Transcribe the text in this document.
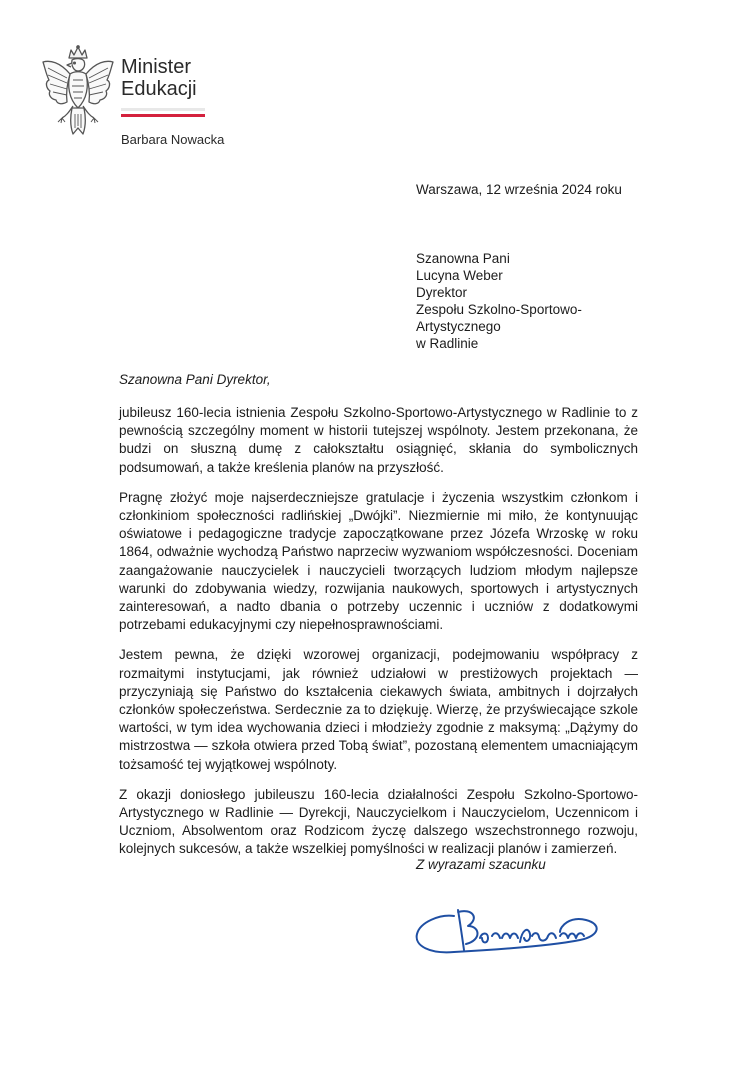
Minister
Edukacji
Barbara Nowacka
Warszawa, 12 września 2024 roku
Szanowna Pani
Lucyna Weber
Dyrektor
Zespołu Szkolno-Sportowo-
Artystycznego
w Radlinie
Szanowna Pani Dyrektor,

jubileusz 160-lecia istnienia Zespołu Szkolno-Sportowo-Artystycznego w Radlinie to z pewnością szczególny moment w historii tutejszej wspólnoty. Jestem przekonana, że budzi on słuszną dumę z całokształtu osiągnięć, skłania do symbolicznych podsumowań, a także kreślenia planów na przyszłość.

Pragnę złożyć moje najserdeczniejsze gratulacje i życzenia wszystkim członkom i członkiniom społeczności radlińskiej „Dwójki”. Niezmiernie mi miło, że kontynuując oświatowe i pedagogiczne tradycje zapoczątkowane przez Józefa Wrzoskę w roku 1864, odważnie wychodzą Państwo naprzeciw wyzwaniom współczesności. Doceniam zaangażowanie nauczycielek i nauczycieli tworzących ludziom młodym najlepsze warunki do zdobywania wiedzy, rozwijania naukowych, sportowych i artystycznych zainteresowań, a nadto dbania o potrzeby uczennic i uczniów z dodatkowymi potrzebami edukacyjnymi czy niepełnosprawnościami.

Jestem pewna, że dzięki wzorowej organizacji, podejmowaniu współpracy z rozmaitymi instytucjami, jak również udziałowi w prestiżowych projektach — przyczyniają się Państwo do kształcenia ciekawych świata, ambitnych i dojrzałych członków społeczeństwa. Serdecznie za to dziękuję. Wierzę, że przyświecające szkole wartości, w tym idea wychowania dzieci i młodzieży zgodnie z maksymą: „Dążymy do mistrzostwa — szkoła otwiera przed Tobą świat”, pozostaną elementem umacniającym tożsamość tej wyjątkowej wspólnoty.

Z okazji doniosłego jubileuszu 160-lecia działalności Zespołu Szkolno-Sportowo-Artystycznego w Radlinie — Dyrekcji, Nauczycielkom i Nauczycielom, Uczennicom i Uczniom, Absolwentom oraz Rodzicom życzę dalszego wszechstronnego rozwoju, kolejnych sukcesów, a także wszelkiej pomyślności w realizacji planów i zamierzeń.

Z wyrazami szacunku
